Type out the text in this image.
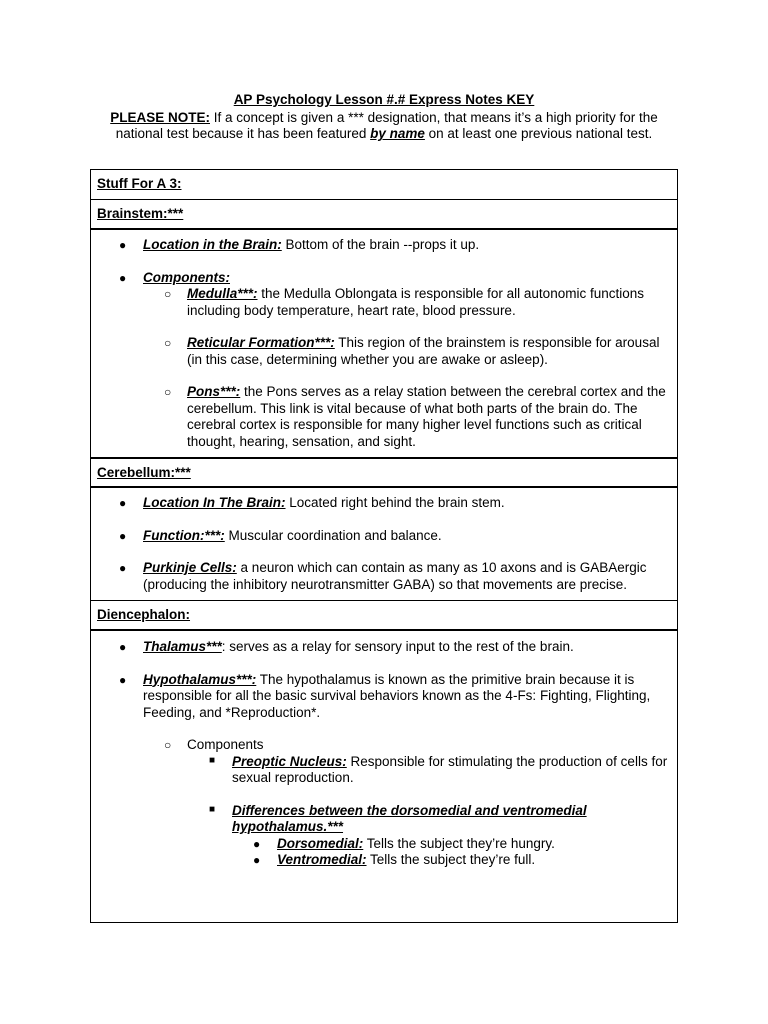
AP Psychology Lesson #.# Express Notes KEY
PLEASE NOTE: If a concept is given a *** designation, that means it’s a high priority for the
national test because it has been featured by name on at least one previous national test.
Stuff For A 3:
Brainstem:***
● Location in the Brain: Bottom of the brain --props it up.
● Components:
○ Medulla***: the Medulla Oblongata is responsible for all autonomic functions including body temperature, heart rate, blood pressure.
○ Reticular Formation***: This region of the brainstem is responsible for arousal (in this case, determining whether you are awake or asleep).
○ Pons***: the Pons serves as a relay station between the cerebral cortex and the cerebellum. This link is vital because of what both parts of the brain do. The cerebral cortex is responsible for many higher level functions such as critical thought, hearing, sensation, and sight.
Cerebellum:***
● Location In The Brain: Located right behind the brain stem.
● Function:***: Muscular coordination and balance.
● Purkinje Cells: a neuron which can contain as many as 10 axons and is GABAergic (producing the inhibitory neurotransmitter GABA) so that movements are precise.
Diencephalon:
● Thalamus***: serves as a relay for sensory input to the rest of the brain.
● Hypothalamus***: The hypothalamus is known as the primitive brain because it is responsible for all the basic survival behaviors known as the 4-Fs: Fighting, Flighting, Feeding, and *Reproduction*.
○ Components
■ Preoptic Nucleus: Responsible for stimulating the production of cells for sexual reproduction.
■ Differences between the dorsomedial and ventromedial hypothalamus.***
● Dorsomedial: Tells the subject they’re hungry.
● Ventromedial: Tells the subject they’re full.
